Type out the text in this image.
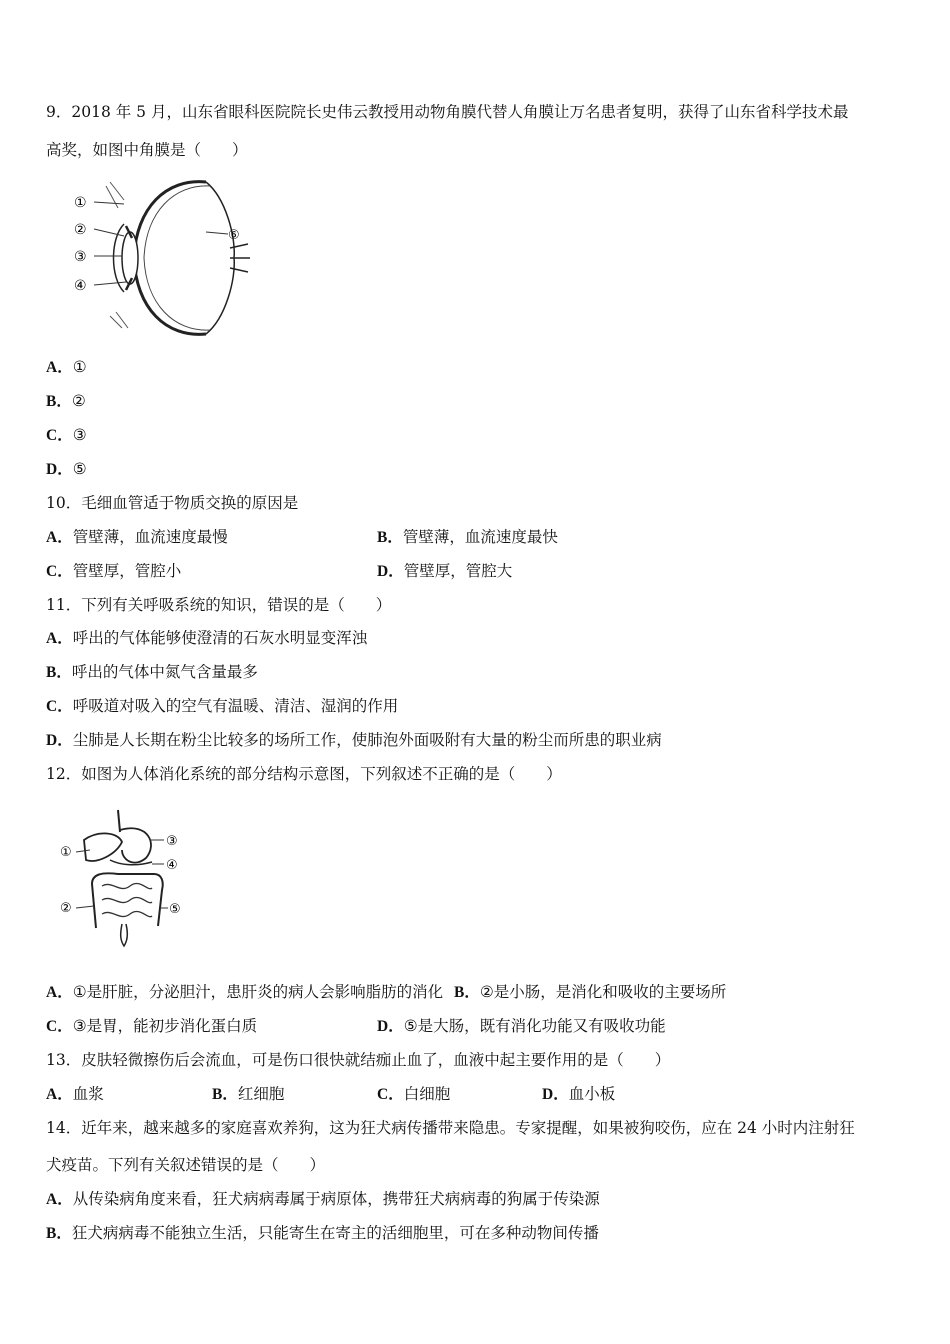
9．2018 年 5 月，山东省眼科医院院长史伟云教授用动物角膜代替人角膜让万名患者复明，获得了山东省科学技术最
高奖，如图中角膜是（　　）
①
②
③
④
⑥
A．①
B．②
C．③
D．⑤
10．毛细血管适于物质交换的原因是
A．管壁薄，血流速度最慢	B．管壁薄，血流速度最快
C．管壁厚，管腔小	D．管壁厚，管腔大
11．下列有关呼吸系统的知识，错误的是（　　）
A．呼出的气体能够使澄清的石灰水明显变浑浊
B．呼出的气体中氮气含量最多
C．呼吸道对吸入的空气有温暖、清洁、湿润的作用
D．尘肺是人长期在粉尘比较多的场所工作，使肺泡外面吸附有大量的粉尘而所患的职业病
12．如图为人体消化系统的部分结构示意图，下列叙述不正确的是（　　）
①
②
③
④
⑤
A．①是肝脏，分泌胆汁，患肝炎的病人会影响脂肪的消化 B．②是小肠，是消化和吸收的主要场所
C．③是胃，能初步消化蛋白质	D．⑤是大肠，既有消化功能又有吸收功能
13．皮肤轻微擦伤后会流血，可是伤口很快就结痂止血了，血液中起主要作用的是（　　）
A．血浆	B．红细胞	C．白细胞	D．血小板
14．近年来，越来越多的家庭喜欢养狗，这为狂犬病传播带来隐患。专家提醒，如果被狗咬伤，应在 24 小时内注射狂
犬疫苗。下列有关叙述错误的是（　　）
A．从传染病角度来看，狂犬病病毒属于病原体，携带狂犬病病毒的狗属于传染源
B．狂犬病病毒不能独立生活，只能寄生在寄主的活细胞里，可在多种动物间传播
